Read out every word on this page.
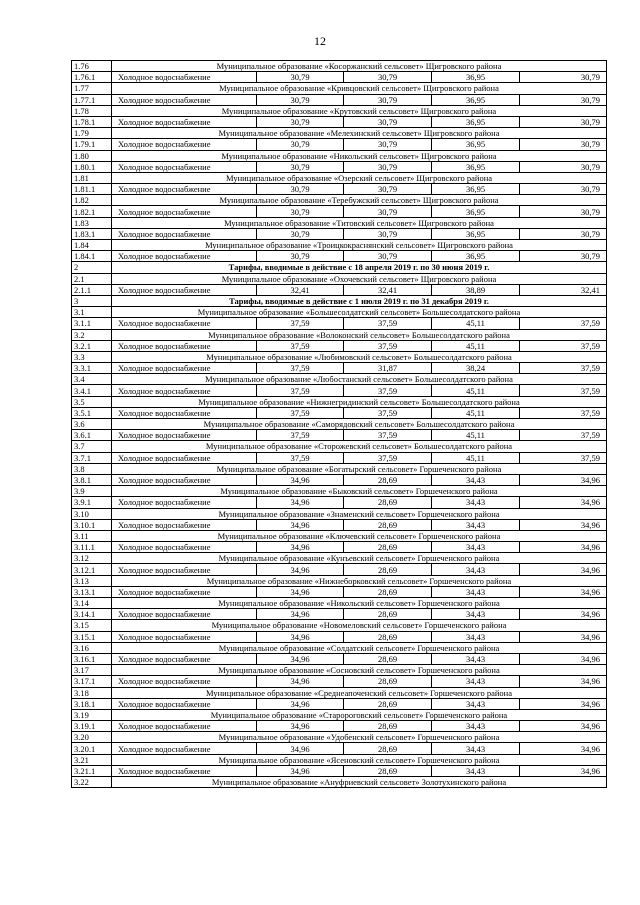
12
1.76	Муниципальное образование «Косоржанский сельсовет» Щигровского района				
1.76.1	Холодное водоснабжение	30,79	30,79	36,95	30,79
1.77	Муниципальное образование «Кривцовский сельсовет» Щигровского района				
1.77.1	Холодное водоснабжение	30,79	30,79	36,95	30,79
1.78	Муниципальное образование «Крутовский сельсовет» Щигровского района				
1.78.1	Холодное водоснабжение	30,79	30,79	36,95	30,79
1.79	Муниципальное образование «Мелехинский сельсовет» Щигровского района				
1.79.1	Холодное водоснабжение	30,79	30,79	36,95	30,79
1.80	Муниципальное образование «Никольский сельсовет» Щигровского района				
1.80.1	Холодное водоснабжение	30,79	30,79	36,95	30,79
1.81	Муниципальное образование «Озерский сельсовет» Щигровского района				
1.81.1	Холодное водоснабжение	30,79	30,79	36,95	30,79
1.82	Муниципальное образование «Теребужский сельсовет» Щигровского района				
1.82.1	Холодное водоснабжение	30,79	30,79	36,95	30,79
1.83	Муниципальное образование «Титовский сельсовет» Щигровского района				
1.83.1	Холодное водоснабжение	30,79	30,79	36,95	30,79
1.84	Муниципальное образование «Троицкокраснянский сельсовет» Щигровского района				
1.84.1	Холодное водоснабжение	30,79	30,79	36,95	30,79
2	Тарифы, вводимые в действие с 18 апреля 2019 г. по 30 июня 2019 г.				
2.1	Муниципальное образование «Охочевский сельсовет» Щигровского района				
2.1.1	Холодное водоснабжение	32,41	32,41	38,89	32,41
3	Тарифы, вводимые в действие с 1 июля 2019 г. по 31 декабря 2019 г.				
3.1	Муниципальное образование «Большесолдатский сельсовет» Большесолдатского района				
3.1.1	Холодное водоснабжение	37,59	37,59	45,11	37,59
3.2	Муниципальное образование «Волоконский сельсовет» Большесолдатского района				
3.2.1	Холодное водоснабжение	37,59	37,59	45,11	37,59
3.3	Муниципальное образование «Любимовский сельсовет» Большесолдатского района				
3.3.1	Холодное водоснабжение	37,59	31,87	38,24	37,59
3.4	Муниципальное образование «Любостанский сельсовет» Большесолдатского района				
3.4.1	Холодное водоснабжение	37,59	37,59	45,11	37,59
3.5	Муниципальное образование «Нижнегридинский сельсовет» Большесолдатского района				
3.5.1	Холодное водоснабжение	37,59	37,59	45,11	37,59
3.6	Муниципальное образование «Саморядовский сельсовет» Большесолдатского района				
3.6.1	Холодное водоснабжение	37,59	37,59	45,11	37,59
3.7	Муниципальное образование «Сторожевский сельсовет» Большесолдатского района				
3.7.1	Холодное водоснабжение	37,59	37,59	45,11	37,59
3.8	Муниципальное образование «Богатырский сельсовет» Горшеченского района				
3.8.1	Холодное водоснабжение	34,96	28,69	34,43	34,96
3.9	Муниципальное образование «Быковский сельсовет» Горшеченского района				
3.9.1	Холодное водоснабжение	34,96	28,69	34,43	34,96
3.10	Муниципальное образование «Знаменский сельсовет» Горшеченского района				
3.10.1	Холодное водоснабжение	34,96	28,69	34,43	34,96
3.11	Муниципальное образование «Ключевский сельсовет» Горшеченского района				
3.11.1	Холодное водоснабжение	34,96	28,69	34,43	34,96
3.12	Муниципальное образование «Кунъевский сельсовет» Горшеченского района				
3.12.1	Холодное водоснабжение	34,96	28,69	34,43	34,96
3.13	Муниципальное образование «Нижнеборковский сельсовет» Горшеченского района				
3.13.1	Холодное водоснабжение	34,96	28,69	34,43	34,96
3.14	Муниципальное образование «Никольский сельсовет» Горшеченского района				
3.14.1	Холодное водоснабжение	34,96	28,69	34,43	34,96
3.15	Муниципальное образование «Новомеловский сельсовет» Горшеченского района				
3.15.1	Холодное водоснабжение	34,96	28,69	34,43	34,96
3.16	Муниципальное образование «Солдатский сельсовет» Горшеченского района				
3.16.1	Холодное водоснабжение	34,96	28,69	34,43	34,96
3.17	Муниципальное образование «Сосновский сельсовет» Горшеченского района				
3.17.1	Холодное водоснабжение	34,96	28,69	34,43	34,96
3.18	Муниципальное образование «Среднеапоченский сельсовет» Горшеченского района				
3.18.1	Холодное водоснабжение	34,96	28,69	34,43	34,96
3.19	Муниципальное образование «Старороговский сельсовет» Горшеченского района				
3.19.1	Холодное водоснабжение	34,96	28,69	34,43	34,96
3.20	Муниципальное образование «Удобенский сельсовет» Горшеченского района				
3.20.1	Холодное водоснабжение	34,96	28,69	34,43	34,96
3.21	Муниципальное образование «Ясеновский сельсовет» Горшеченского района				
3.21.1	Холодное водоснабжение	34,96	28,69	34,43	34,96
3.22	Муниципальное образование «Ануфриевский сельсовет» Золотухинского района				
